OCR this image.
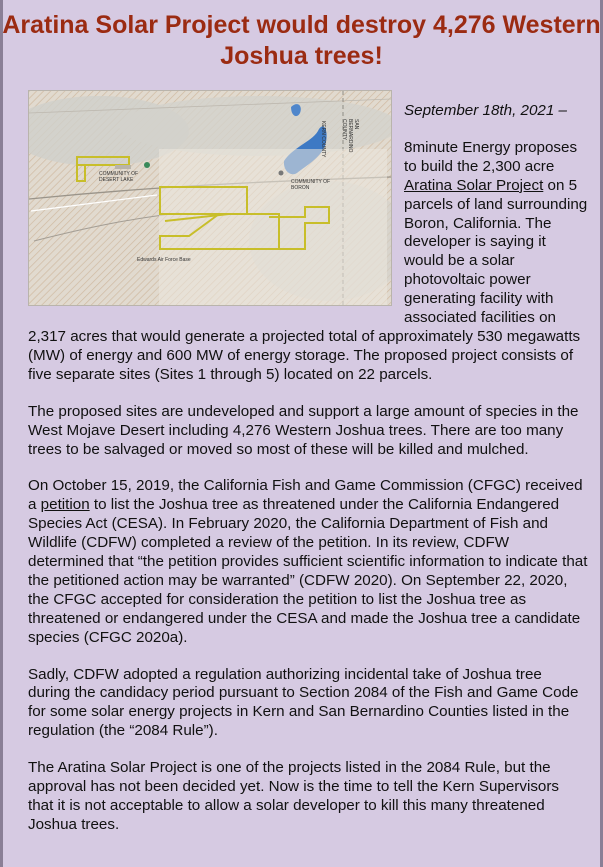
Aratina Solar Project would destroy 4,276 Western Joshua trees!
COMMUNITY OF
DESERT LAKE	COMMUNITY OF
BORON
Edwards Air Force Base
KERN COUNTY	SAN BERNARDINO COUNTY

September 18th, 2021 –

8minute Energy proposes to build the 2,300 acre Aratina Solar Project on 5 parcels of land surrounding Boron, California. The developer is saying it would be a solar photovoltaic power generating facility with associated facilities on 2,317 acres that would generate a projected total of approximately 530 megawatts (MW) of energy and 600 MW of energy storage. The proposed project consists of five separate sites (Sites 1 through 5) located on 22 parcels.

The proposed sites are undeveloped and support a large amount of species in the West Mojave Desert including 4,276 Western Joshua trees. There are too many trees to be salvaged or moved so most of these will be killed and mulched.

On October 15, 2019, the California Fish and Game Commission (CFGC) received a petition to list the Joshua tree as threatened under the California Endangered Species Act (CESA). In February 2020, the California Department of Fish and Wildlife (CDFW) completed a review of the petition. In its review, CDFW determined that “the petition provides sufficient scientific information to indicate that the petitioned action may be warranted” (CDFW 2020). On September 22, 2020, the CFGC accepted for consideration the petition to list the Joshua tree as threatened or endangered under the CESA and made the Joshua tree a candidate species (CFGC 2020a).

Sadly, CDFW adopted a regulation authorizing incidental take of Joshua tree during the candidacy period pursuant to Section 2084 of the Fish and Game Code for some solar energy projects in Kern and San Bernardino Counties listed in the regulation (the “2084 Rule”).

The Aratina Solar Project is one of the projects listed in the 2084 Rule, but the approval has not been decided yet. Now is the time to tell the Kern Supervisors that it is not acceptable to allow a solar developer to kill this many threatened Joshua trees.
